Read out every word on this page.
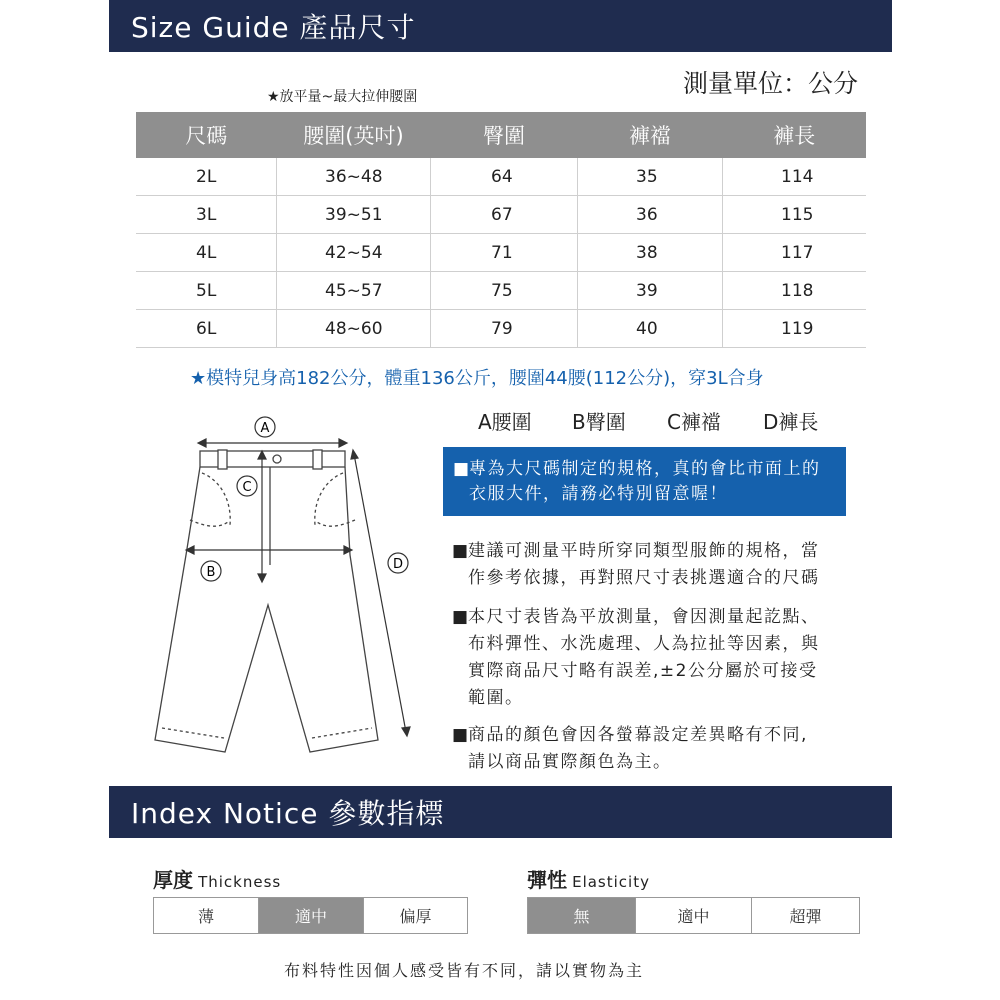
Size Guide 產品尺寸
測量單位：公分
★放平量~最大拉伸腰圍
尺碼	腰圍(英吋)	臀圍	褲襠	褲長
2L	36~48	64	35	114
3L	39~51	67	36	115
4L	42~54	71	38	117
5L	45~57	75	39	118
6L	48~60	79	40	119
★模特兒身高182公分，體重136公斤，腰圍44腰(112公分)，穿3L合身
A
C
B
D
A腰圍	B臀圍	C褲襠	D褲長
■
專為大尺碼制定的規格，真的會比市面上的
衣服大件，請務必特別留意喔！
■
建議可測量平時所穿同類型服飾的規格，當
作參考依據，再對照尺寸表挑選適合的尺碼
■
本尺寸表皆為平放測量，會因測量起訖點、
布料彈性、水洗處理、人為拉扯等因素，與
實際商品尺寸略有誤差,±2公分屬於可接受
範圍。
■
商品的顏色會因各螢幕設定差異略有不同,
請以商品實際顏色為主。
Index Notice 參數指標
厚度 Thickness
薄	適中	偏厚
彈性 Elasticity
無	適中	超彈
布料特性因個人感受皆有不同，請以實物為主
